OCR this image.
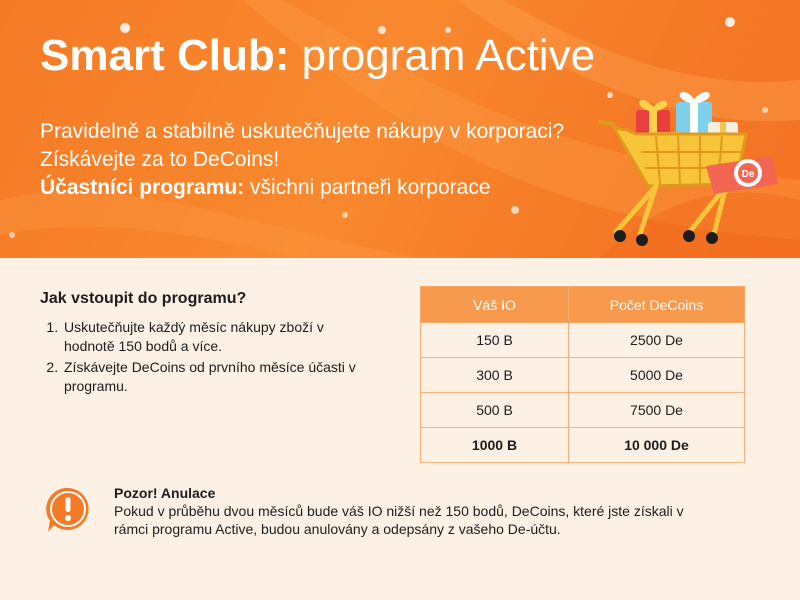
Smart Club: program Active

Pravidelně a stabilně uskutečňujete nákupy v korporaci?

Získávejte za to DeCoins!

Účastníci programu: všichni partneři korporace

De
Jak vstoupit do programu?
1. Uskutečňujte každý měsíc nákupy zboží v hodnotě 150 bodů a více.
2. Získávejte DeCoins od prvního měsíce účasti v programu.
Váš IO	Počet DeCoins
150 B	2500 De
300 B	5000 De
500 B	7500 De
1000 B	10 000 De

Pozor! Anulace

Pokud v průběhu dvou měsíců bude váš IO nižší než 150 bodů, DeCoins, které jste získali v rámci programu Active, budou anulovány a odepsány z vašeho De-účtu.
